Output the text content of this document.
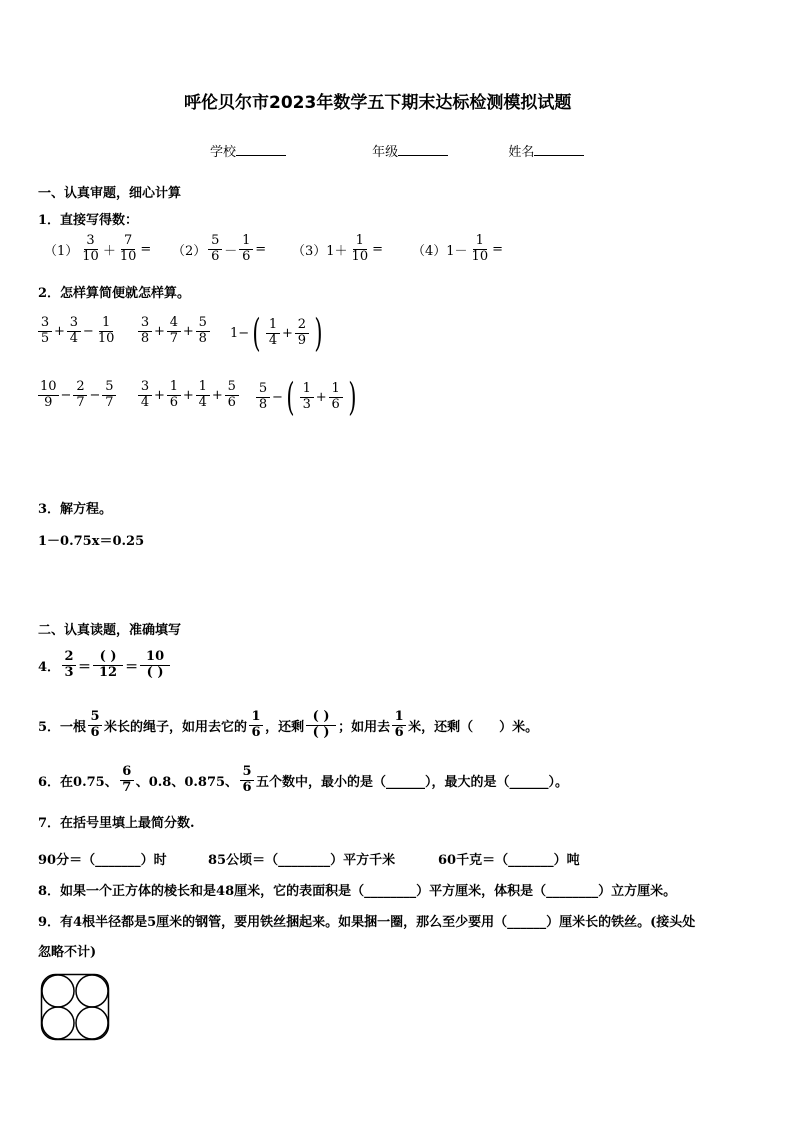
呼伦贝尔市2023年数学五下期末达标检测模拟试题
学校	年级	姓名
一、认真审题，细心计算
1．直接写得数：
$(1) \frac{3}{10} + \frac{7}{10} = (2) \frac{5}{6} - \frac{1}{6} = (3)1+ \frac{1}{10} = (4)1- \frac{1}{10}$ =
2．怎样算简便就怎样算。
$\frac{3}{5} + \frac{3}{4} - \frac{1}{10} \frac{3}{8} + \frac{4}{7} + \frac{5}{8} 1-$ ( $\frac{1}{4} + \frac{2}{9}$ )
$\frac{10}{9} - \frac{2}{7} - \frac{5}{7} \frac{3}{4} + \frac{1}{6} + \frac{1}{4} + \frac{5}{6} \frac{5}{8}$ − ( $\frac{1}{3} + \frac{1}{6}$ )
3．解方程。
1－0.75x＝0.25
二、认真读题，准确填写
4． $\frac{2}{3} = \frac{( )}{12} = \frac{10}{( )}$
5．一根 $\frac{5}{6}$ 米长的绳子，如用去它的 $\frac{1}{6}$ ，还剩 $\frac{( )}{( )}$ ；如用去 $\frac{1}{6}$ 米，还剩（　　）米。
6．在0.75、 $\frac{6}{7}$ 、0.8、0.875、 $\frac{5}{6}$ 五个数中，最小的是（______），最大的是（______）。
7．在括号里填上最简分数.
90分＝（_______）时	85公顷＝（________）平方千米	60千克＝（_______）吨
8．如果一个正方体的棱长和是48厘米，它的表面积是（________）平方厘米，体积是（________）立方厘米。
9．有4根半径都是5厘米的钢管，要用铁丝捆起来。如果捆一圈，那么至少要用（______）厘米长的铁丝。(接头处
忽略不计)
